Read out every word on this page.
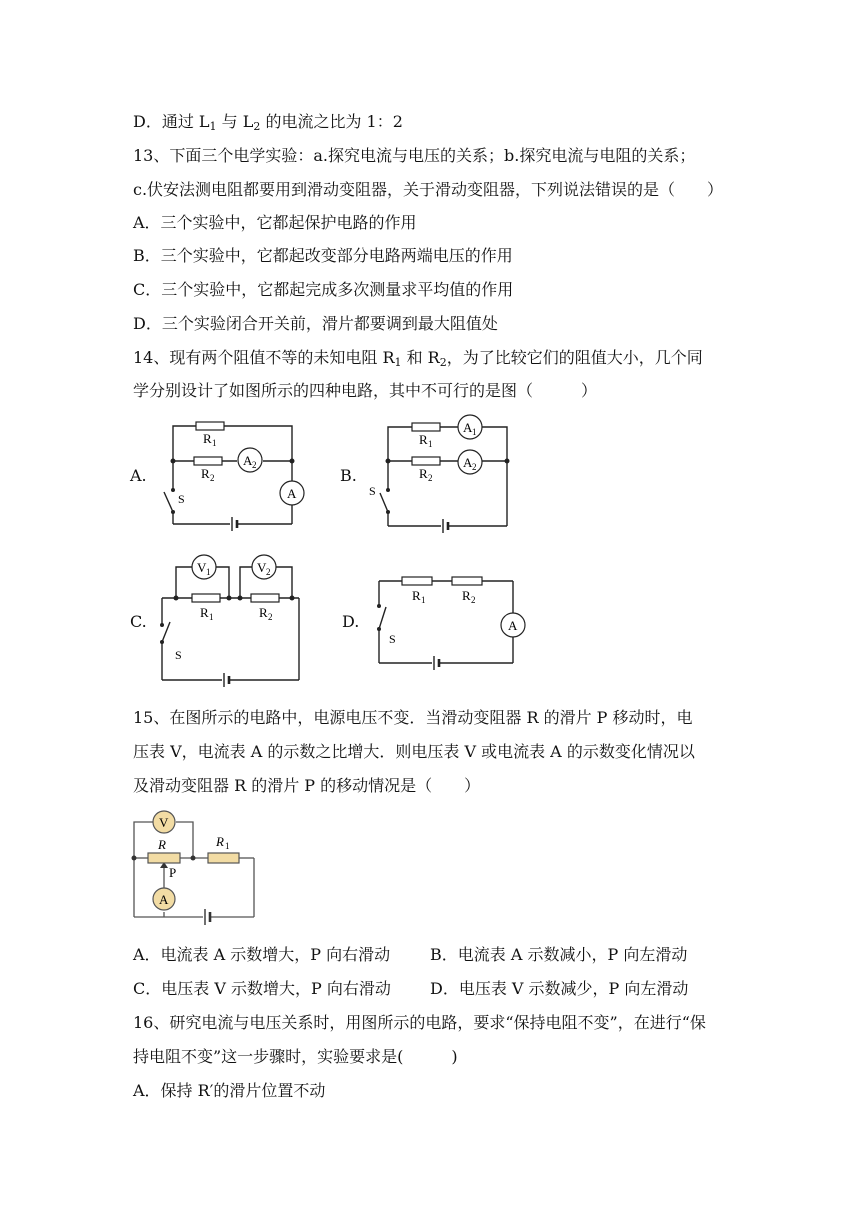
D．通过 $L_1$ 与 $L_2$ 的电流之比为 1：2
13、下面三个电学实验：a.探究电流与电压的关系；b.探究电流与电阻的关系；
c.伏安法测电阻都要用到滑动变阻器，关于滑动变阻器，下列说法错误的是（　　）
A．三个实验中，它都起保护电路的作用
B．三个实验中，它都起改变部分电路两端电压的作用
C．三个实验中，它都起完成多次测量求平均值的作用
D．三个实验闭合开关前，滑片都要调到最大阻值处
14、现有两个阻值不等的未知电阻 $R_1$ 和 $R_2$，为了比较它们的阻值大小，几个同
学分别设计了如图所示的四种电路，其中不可行的是图（　　　）
A.	B.
C.	D.
R 1
R 2
A 2
A
S
R 1
R 2
A 1
A 2
S
V 1	V 2
R 1	R 2
S
R 1	R 2
A
S
15、在图所示的电路中，电源电压不变．当滑动变阻器 R 的滑片 P 移动时，电
压表 V，电流表 A 的示数之比增大．则电压表 V 或电流表 A 的示数变化情况以
及滑动变阻器 R 的滑片 P 的移动情况是（　　）
V
A
R	R 1
P
A．电流表 A 示数增大，P 向右滑动 B．电流表 A 示数减小，P 向左滑动
C．电压表 V 示数增大，P 向右滑动 D．电压表 V 示数减少，P 向左滑动
16、研究电流与电压关系时，用图所示的电路，要求“保持电阻不变”，在进行“保
持电阻不变”这一步骤时，实验要求是(　　　)
A．保持 R′的滑片位置不动
